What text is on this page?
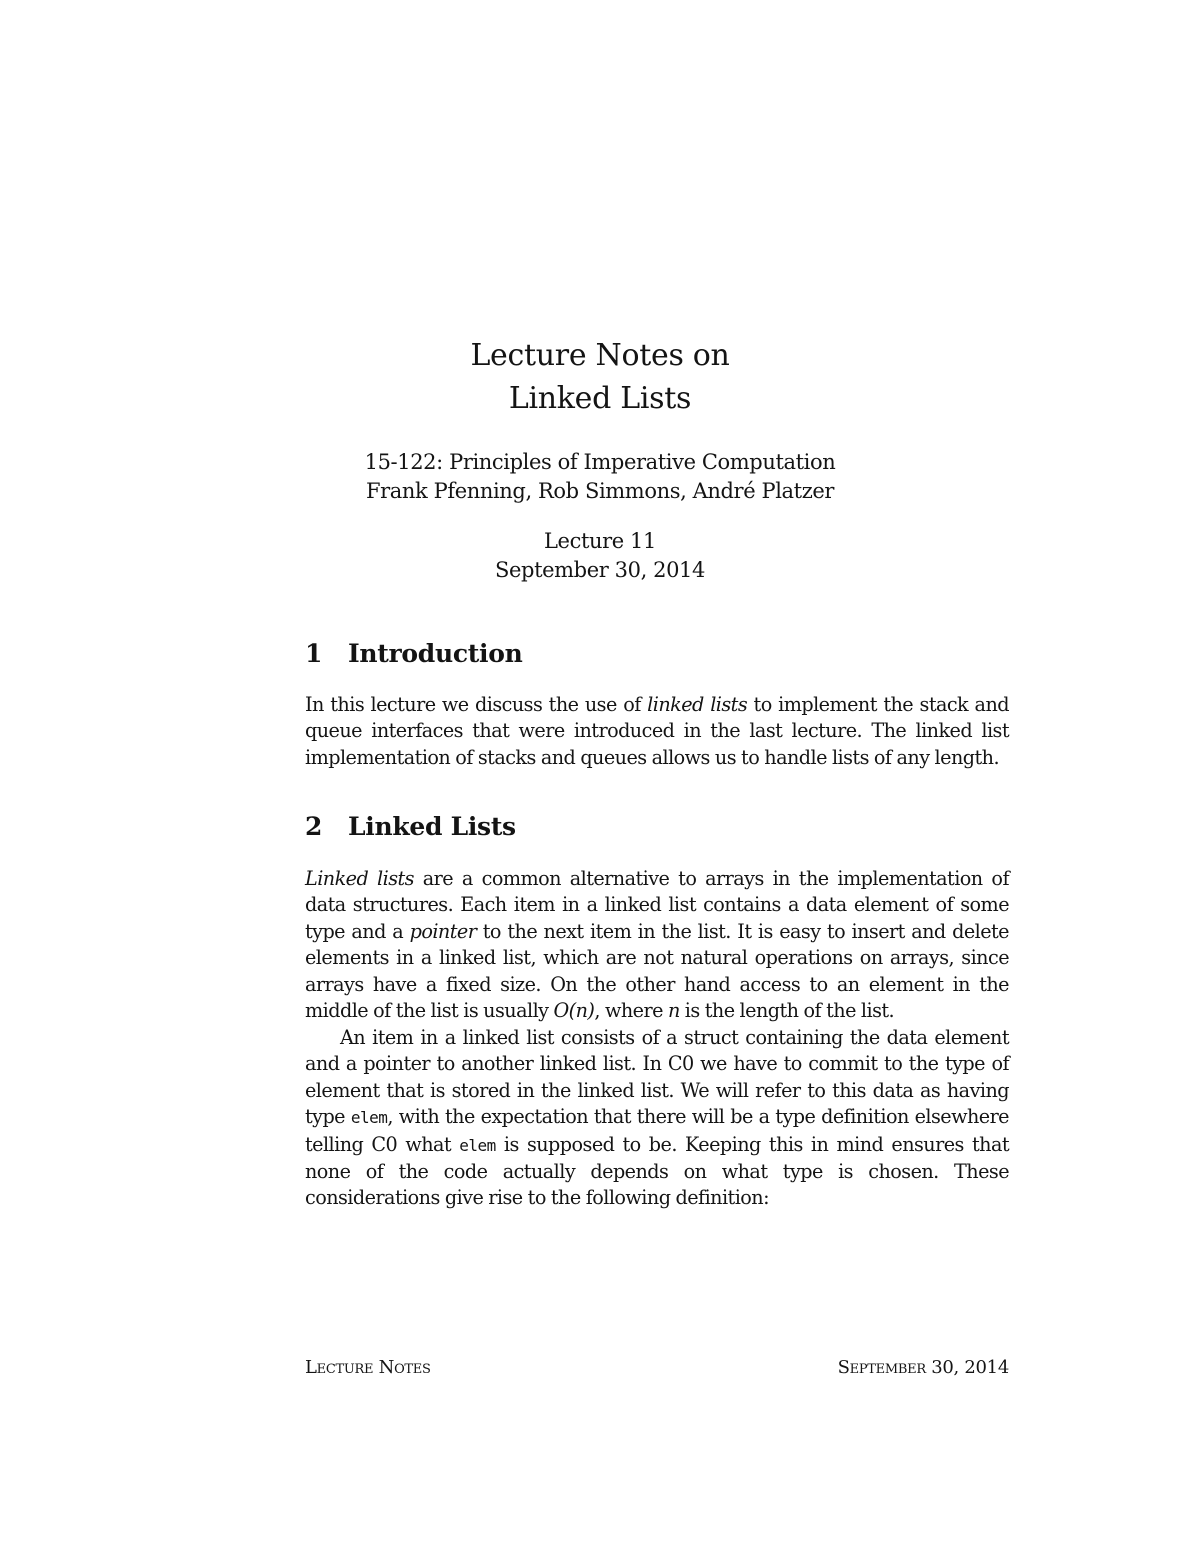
Lecture Notes on
Linked Lists
15-122: Principles of Imperative Computation
Frank Pfenning, Rob Simmons, André Platzer
Lecture 11
September 30, 2014
1 Introduction
In this lecture we discuss the use of linked lists to implement the stack and queue interfaces that were introduced in the last lecture. The linked list implementation of stacks and queues allows us to handle lists of any length.
2 Linked Lists
Linked lists are a common alternative to arrays in the implementation of data structures. Each item in a linked list contains a data element of some type and a pointer to the next item in the list. It is easy to insert and delete elements in a linked list, which are not natural operations on arrays, since arrays have a fixed size. On the other hand access to an element in the middle of the list is usually O(n), where n is the length of the list.
An item in a linked list consists of a struct containing the data element and a pointer to another linked list. In C0 we have to commit to the type of element that is stored in the linked list. We will refer to this data as having type elem, with the expectation that there will be a type definition elsewhere telling C0 what elem is supposed to be. Keeping this in mind ensures that none of the code actually depends on what type is chosen. These considerations give rise to the following definition:
Lecture Notes	September 30, 2014
